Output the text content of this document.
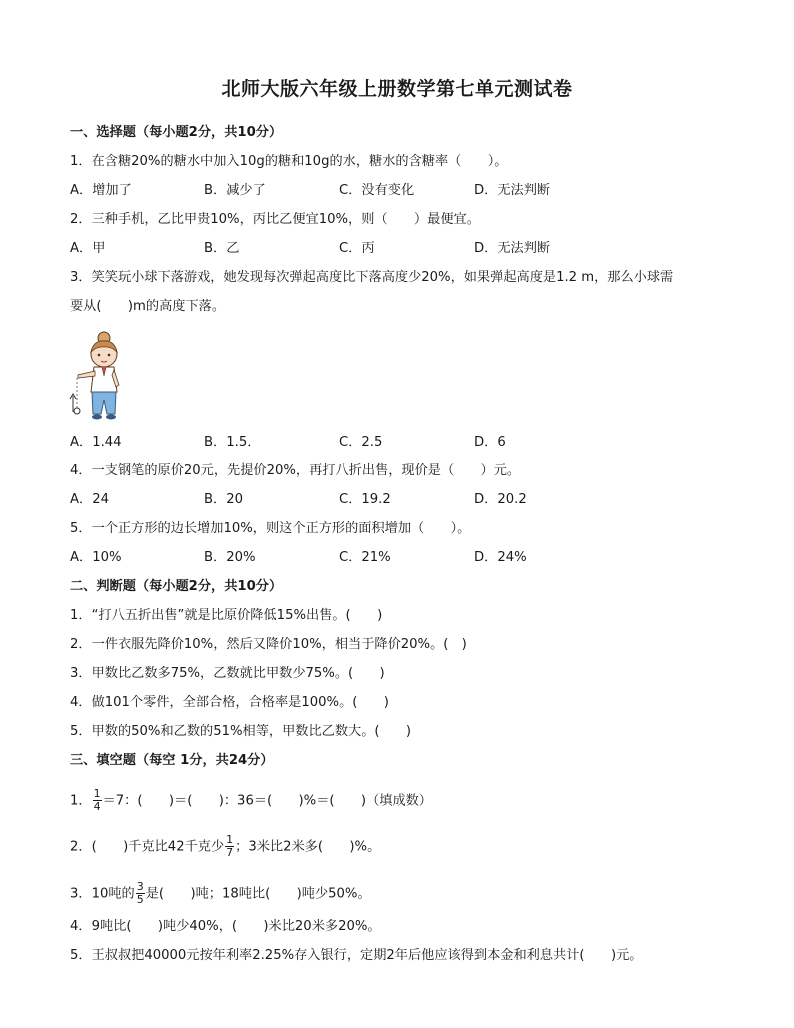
北师大版六年级上册数学第七单元测试卷
一、选择题（每小题2分，共10分）
1．在含糖20%的糖水中加入10g的糖和10g的水，糖水的含糖率（　　）。
A．增加了	B．减少了	C．没有变化	D．无法判断
2．三种手机，乙比甲贵10%，丙比乙便宜10%，则（　　）最便宜。
A．甲	B．乙	C．丙	D．无法判断
3．笑笑玩小球下落游戏，她发现每次弹起高度比下落高度少20%，如果弹起高度是1.2 m，那么小球需
要从(　　)m的高度下落。
A．1.44	B．1.5．	C．2.5	D．6
4．一支钢笔的原价20元，先提价20%，再打八折出售，现价是（　　）元。
A．24	B．20	C．19.2	D．20.2
5．一个正方形的边长增加10%，则这个正方形的面积增加（　　）。
A．10%	B．20%	C．21%	D．24%
二、判断题（每小题2分，共10分）
1．“打八五折出售”就是比原价降低15%出售。(　　)
2．一件衣服先降价10%，然后又降价10%，相当于降价20%。(　)
3．甲数比乙数多75%，乙数就比甲数少75%。(　　)
4．做101个零件，全部合格，合格率是100%。(　　)
5．甲数的50%和乙数的51%相等，甲数比乙数大。(　　)
三、填空题（每空 1分，共24分）
1． $\frac{1}{4} =7$：(　　)＝(　　)：36＝(　　)%＝(　　)（填成数）
2．(　　)千克比42千克少 $\frac{1}{7}$ ；3米比2米多(　　)%。
3．10吨的 $\frac{3}{5}$ 是(　　)吨；18吨比(　　)吨少50%。
4．9吨比(　　)吨少40%，(　　)米比20米多20%。
5．王叔叔把40000元按年利率2.25%存入银行，定期2年后他应该得到本金和利息共计(　　)元。
